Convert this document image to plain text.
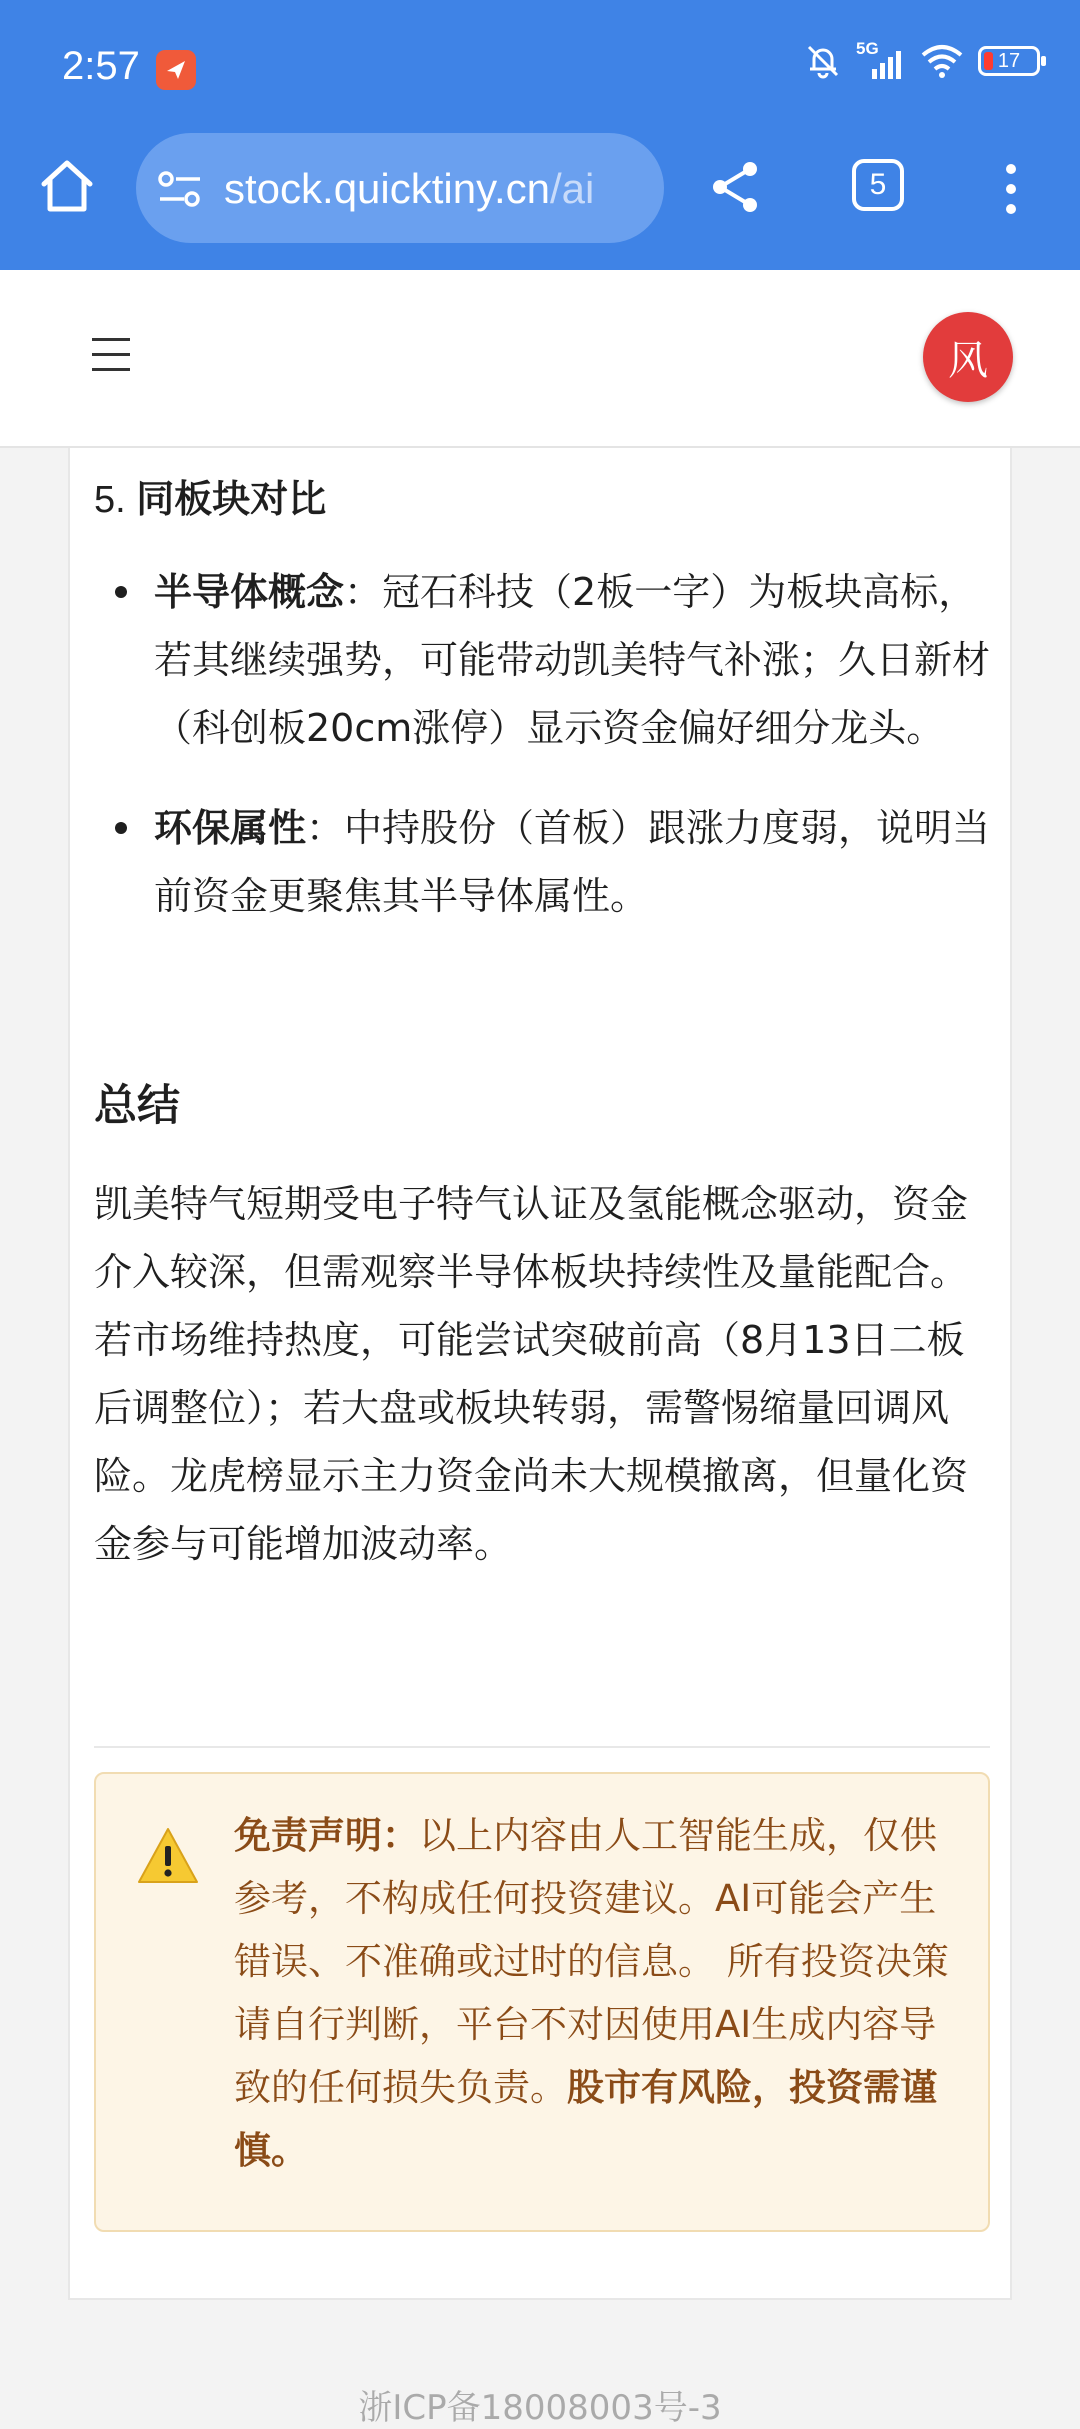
2:57	5G
17
stock.quicktiny.cn/ai	5
风
5. 同板块对比
半导体概念：冠石科技（2板一字）为板块高标，若其继续强势，可能带动凯美特气补涨；久日新材（科创板20cm涨停）显示资金偏好细分龙头。
环保属性：中持股份（首板）跟涨力度弱，说明当前资金更聚焦其半导体属性。
总结

凯美特气短期受电子特气认证及氢能概念驱动，资金介入较深，但需观察半导体板块持续性及量能配合。若市场维持热度，可能尝试突破前高（8月13日二板后调整位）；若大盘或板块转弱，需警惕缩量回调风险。龙虎榜显示主力资金尚未大规模撤离，但量化资金参与可能增加波动率。

免责声明：以上内容由人工智能生成，仅供参考，不构成任何投资建议。AI可能会产生错误、不准确或过时的信息。 所有投资决策请自行判断，平台不对因使用AI生成内容导致的任何损失负责。股市有风险，投资需谨慎。

浙ICP备18008003号-3
